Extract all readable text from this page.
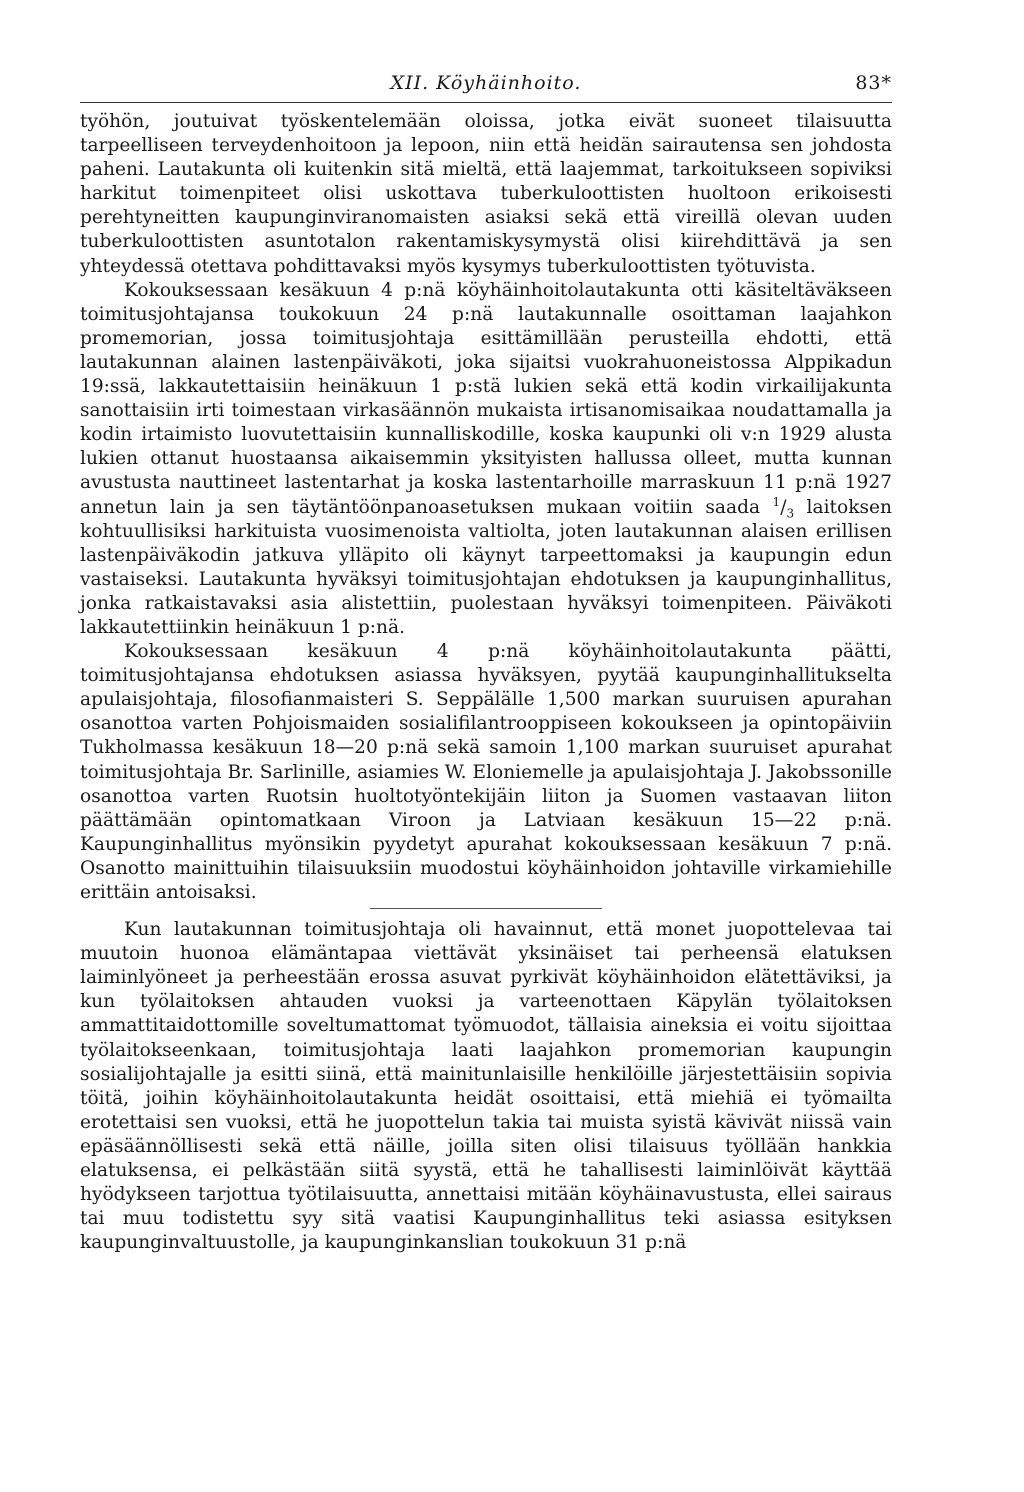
XII. Köyhäinhoito.	83*

työhön, joutuivat työskentelemään oloissa, jotka eivät suoneet tilaisuutta tarpeelliseen terveydenhoitoon ja lepoon, niin että heidän sairautensa sen johdosta paheni. Lautakunta oli kuitenkin sitä mieltä, että laajemmat, tarkoitukseen sopiviksi harkitut toimenpiteet olisi uskottava tuberkuloottisten huoltoon erikoisesti perehtyneitten kaupunginviranomaisten asiaksi sekä että vireillä olevan uuden tuberkuloottisten asuntotalon rakentamiskysymystä olisi kiirehdittävä ja sen yhteydessä otettava pohdittavaksi myös kysymys tuberkuloottisten työtuvista.

Kokouksessaan kesäkuun 4 p:nä köyhäinhoitolautakunta otti käsiteltäväkseen toimitusjohtajansa toukokuun 24 p:nä lautakunnalle osoittaman laajahkon promemorian, jossa toimitusjohtaja esittämillään perusteilla ehdotti, että lautakunnan alainen lastenpäiväkoti, joka sijaitsi vuokrahuoneistossa Alppikadun 19:ssä, lakkautettaisiin heinäkuun 1 p:stä lukien sekä että kodin virkailijakunta sanottaisiin irti toimestaan virkasäännön mukaista irtisanomisaikaa noudattamalla ja kodin irtaimisto luovutettaisiin kunnalliskodille, koska kaupunki oli v:n 1929 alusta lukien ottanut huostaansa aikaisemmin yksityisten hallussa olleet, mutta kunnan avustusta nauttineet lastentarhat ja koska lastentarhoille marraskuun 11 p:nä 1927 annetun lain ja sen täytäntöönpanoasetuksen mukaan voitiin saada $^1/_3$ laitoksen kohtuullisiksi harkituista vuosimenoista valtiolta, joten lautakunnan alaisen erillisen lastenpäiväkodin jatkuva ylläpito oli käynyt tarpeettomaksi ja kaupungin edun vastaiseksi. Lautakunta hyväksyi toimitusjohtajan ehdotuksen ja kaupunginhallitus, jonka ratkaistavaksi asia alistettiin, puolestaan hyväksyi toimenpiteen. Päiväkoti lakkautettiinkin heinäkuun 1 p:nä.

Kokouksessaan kesäkuun 4 p:nä köyhäinhoitolautakunta päätti, toimitusjohtajansa ehdotuksen asiassa hyväksyen, pyytää kaupunginhallitukselta apulaisjohtaja, filosofianmaisteri S. Seppälälle 1,500 markan suuruisen apurahan osanottoa varten Pohjoismaiden sosialifilantrooppiseen kokoukseen ja opintopäiviin Tukholmassa kesäkuun 18—20 p:nä sekä samoin 1,100 markan suuruiset apurahat toimitusjohtaja Br. Sarlinille, asiamies W. Eloniemelle ja apulaisjohtaja J. Jakobssonille osanottoa varten Ruotsin huoltotyöntekijäin liiton ja Suomen vastaavan liiton päättämään opintomatkaan Viroon ja Latviaan kesäkuun 15—22 p:nä. Kaupunginhallitus myönsikin pyydetyt apurahat kokouksessaan kesäkuun 7 p:nä. Osanotto mainittuihin tilaisuuksiin muodostui köyhäinhoidon johtaville virkamiehille erittäin antoisaksi.

Kun lautakunnan toimitusjohtaja oli havainnut, että monet juopottelevaa tai muutoin huonoa elämäntapaa viettävät yksinäiset tai perheensä elatuksen laiminlyöneet ja perheestään erossa asuvat pyrkivät köyhäinhoidon elätettäviksi, ja kun työlaitoksen ahtauden vuoksi ja varteenottaen Käpylän työlaitoksen ammattitaidottomille soveltumattomat työmuodot, tällaisia aineksia ei voitu sijoittaa työlaitokseenkaan, toimitusjohtaja laati laajahkon promemorian kaupungin sosialijohtajalle ja esitti siinä, että mainitunlaisille henkilöille järjestettäisiin sopivia töitä, joihin köyhäinhoitolautakunta heidät osoittaisi, että miehiä ei työmailta erotettaisi sen vuoksi, että he juopottelun takia tai muista syistä kävivät niissä vain epäsäännöllisesti sekä että näille, joilla siten olisi tilaisuus työllään hankkia elatuksensa, ei pelkästään siitä syystä, että he tahallisesti laiminlöivät käyttää hyödykseen tarjottua työtilaisuutta, annettaisi mitään köyhäinavustusta, ellei sairaus tai muu todistettu syy sitä vaatisi Kaupunginhallitus teki asiassa esityksen kaupunginvaltuustolle, ja kaupunginkanslian toukokuun 31 p:nä
